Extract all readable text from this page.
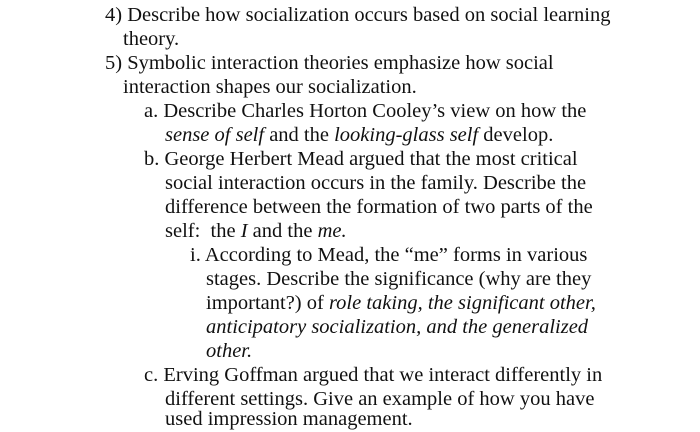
4) Describe how socialization occurs based on social learning

theory.

5) Symbolic interaction theories emphasize how social

interaction shapes our socialization.

a. Describe Charles Horton Cooley’s view on how the

sense of self and the looking-glass self develop.

b. George Herbert Mead argued that the most critical

social interaction occurs in the family. Describe the

difference between the formation of two parts of the

self:  the I and the me.

i. According to Mead, the “me” forms in various

stages. Describe the significance (why are they

important?) of role taking, the significant other,

anticipatory socialization, and the generalized

other.

c. Erving Goffman argued that we interact differently in

different settings. Give an example of how you have

used impression management.
